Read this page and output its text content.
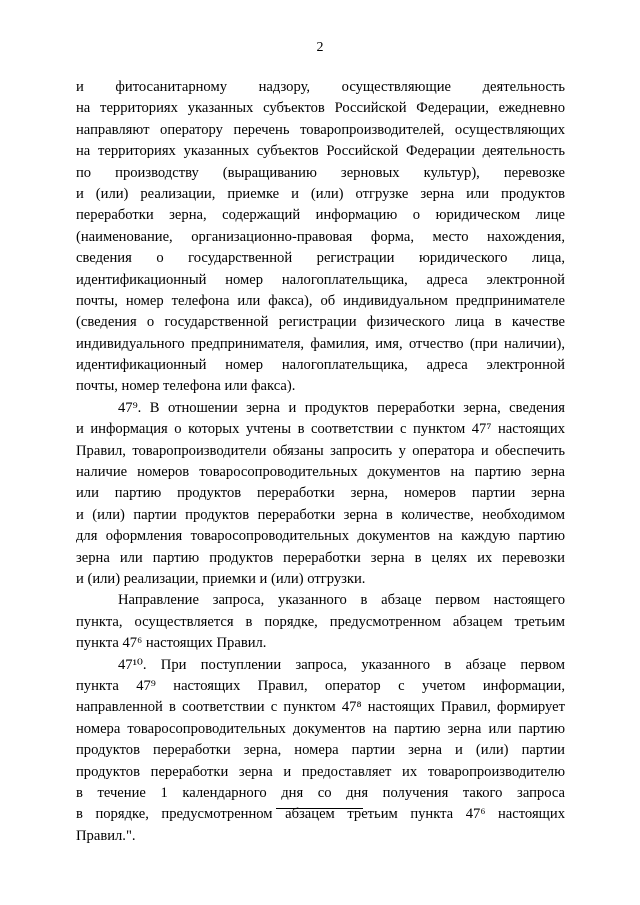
2
и фитосанитарному надзору, осуществляющие деятельность
на территориях указанных субъектов Российской Федерации, ежедневно
направляют оператору перечень товаропроизводителей, осуществляющих
на территориях указанных субъектов Российской Федерации деятельность
по производству (выращиванию зерновых культур), перевозке
и (или) реализации, приемке и (или) отгрузке зерна или продуктов
переработки зерна, содержащий информацию о юридическом лице
(наименование, организационно-правовая форма, место нахождения,
сведения о государственной регистрации юридического лица,
идентификационный номер налогоплательщика, адреса электронной
почты, номер телефона или факса), об индивидуальном предпринимателе
(сведения о государственной регистрации физического лица в качестве
индивидуального предпринимателя, фамилия, имя, отчество (при наличии),
идентификационный номер налогоплательщика, адреса электронной
почты, номер телефона или факса).
47⁹. В отношении зерна и продуктов переработки зерна, сведения
и информация о которых учтены в соответствии с пунктом 47⁷ настоящих
Правил, товаропроизводители обязаны запросить у оператора и обеспечить
наличие номеров товаросопроводительных документов на партию зерна
или партию продуктов переработки зерна, номеров партии зерна
и (или) партии продуктов переработки зерна в количестве, необходимом
для оформления товаросопроводительных документов на каждую партию
зерна или партию продуктов переработки зерна в целях их перевозки
и (или) реализации, приемки и (или) отгрузки.
Направление запроса, указанного в абзаце первом настоящего
пункта, осуществляется в порядке, предусмотренном абзацем третьим
пункта 47⁶ настоящих Правил.
47¹⁰. При поступлении запроса, указанного в абзаце первом
пункта 47⁹ настоящих Правил, оператор с учетом информации,
направленной в соответствии с пунктом 47⁸ настоящих Правил, формирует
номера товаросопроводительных документов на партию зерна или партию
продуктов переработки зерна, номера партии зерна и (или) партии
продуктов переработки зерна и предоставляет их товаропроизводителю
в течение 1 календарного дня со дня получения такого запроса
в порядке, предусмотренном абзацем третьим пункта 47⁶ настоящих
Правил.".
